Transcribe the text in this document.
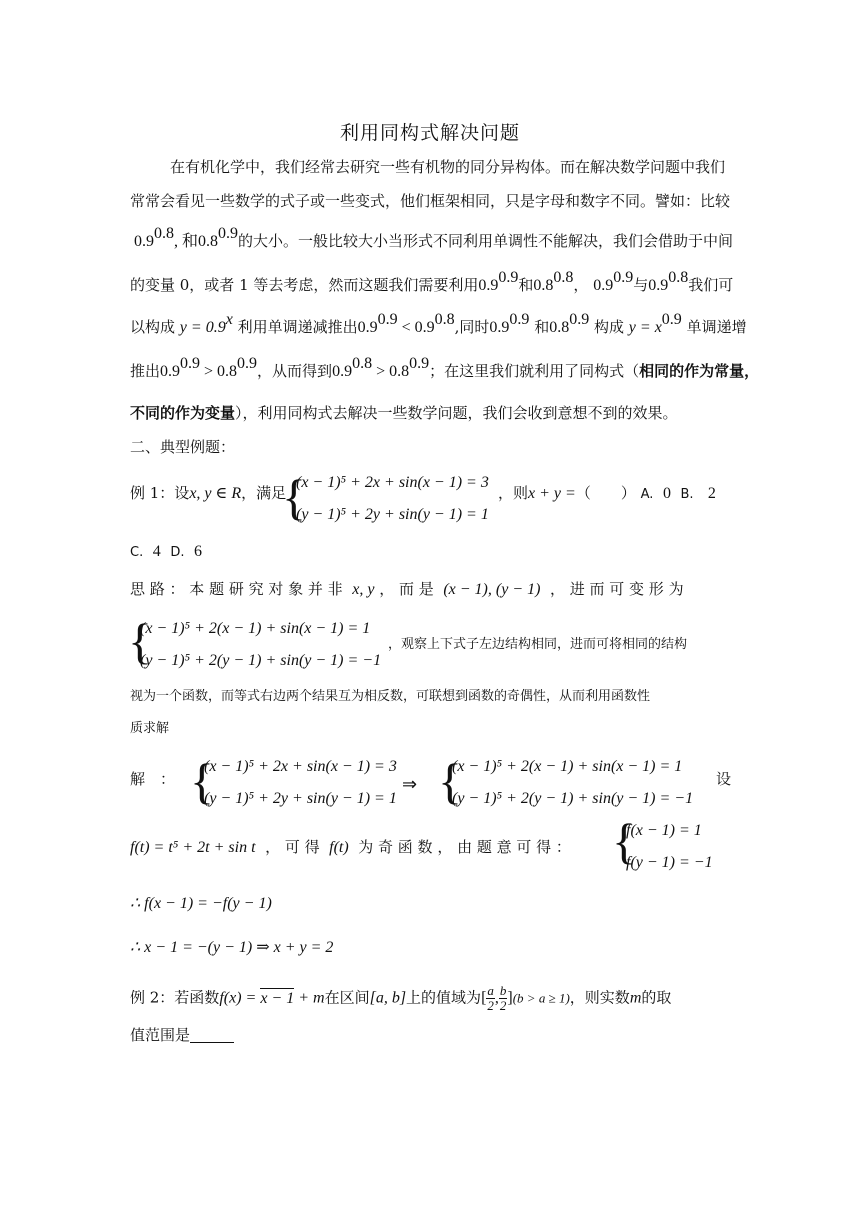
利用同构式解决问题
在有机化学中，我们经常去研究一些有机物的同分异构体。而在解决数学问题中我们
常常会看见一些数学的式子或一些变式，他们框架相同，只是字母和数字不同。譬如：比较
$0.9^{0.8}$, 和$0.8^{0.9}$的大小。一般比较大小当形式不同利用单调性不能解决，我们会借助于中间
的变量 0，或者 1 等去考虑，然而这题我们需要利用$0.9^{0.9}$和$0.8^{0.8}$， $0.9^{0.9}$与$0.9^{0.8}$我们可
以构成 $y = 0.9^x$ 利用单调递减推出$0.9^{0.9} < 0.9^{0.8}$,同时$0.9^{0.9}$ 和$0.8^{0.9}$ 构成 $y = x^{0.9}$ 单调递增
推出$0.9^{0.9} > 0.8^{0.9}$，从而得到$0.9^{0.8} > 0.8^{0.9}$；在这里我们就利用了同构式（相同的作为常量，
不同的作为变量），利用同构式去解决一些数学问题，我们会收到意想不到的效果。
二、典型例题：
例 1：设x, y ∈ R，满足
{
(x − 1)⁵ + 2x + sin(x − 1) = 3
(y − 1)⁵ + 2y + sin(y − 1) = 1
，则x + y =（　　） A. 0 B. 2
C. 4 D. 6
思 路 ： 本 题 研 究 对 象 并 非 x, y ， 而 是 (x − 1), (y − 1) ， 进 而 可 变 形 为
{
(x − 1)⁵ + 2(x − 1) + sin(x − 1) = 1
(y − 1)⁵ + 2(y − 1) + sin(y − 1) = −1
，观察上下式子左边结构相同，进而可将相同的结构
视为一个函数，而等式右边两个结果互为相反数，可联想到函数的奇偶性，从而利用函数性
质求解
解　： {
(x − 1)⁵ + 2x + sin(x − 1) = 3
(y − 1)⁵ + 2y + sin(y − 1) = 1
⇒ {
(x − 1)⁵ + 2(x − 1) + sin(x − 1) = 1
(y − 1)⁵ + 2(y − 1) + sin(y − 1) = −1
设
f(t) = t⁵ + 2t + sin t ， 可 得 f(t) 为 奇 函 数 ， 由 题 意 可 得 ： {
f(x − 1) = 1
f(y − 1) = −1
∴ f(x − 1) = −f(y − 1)
∴ x − 1 = −(y − 1) ⇒ x + y = 2
例 2：若函数f(x) = x − 1 + m在区间[a, b]上的值域为[ $\frac{a}{2}$ , $\frac{b}{2} ](b > a \ge 1)$，则实数m的取
值范围是
